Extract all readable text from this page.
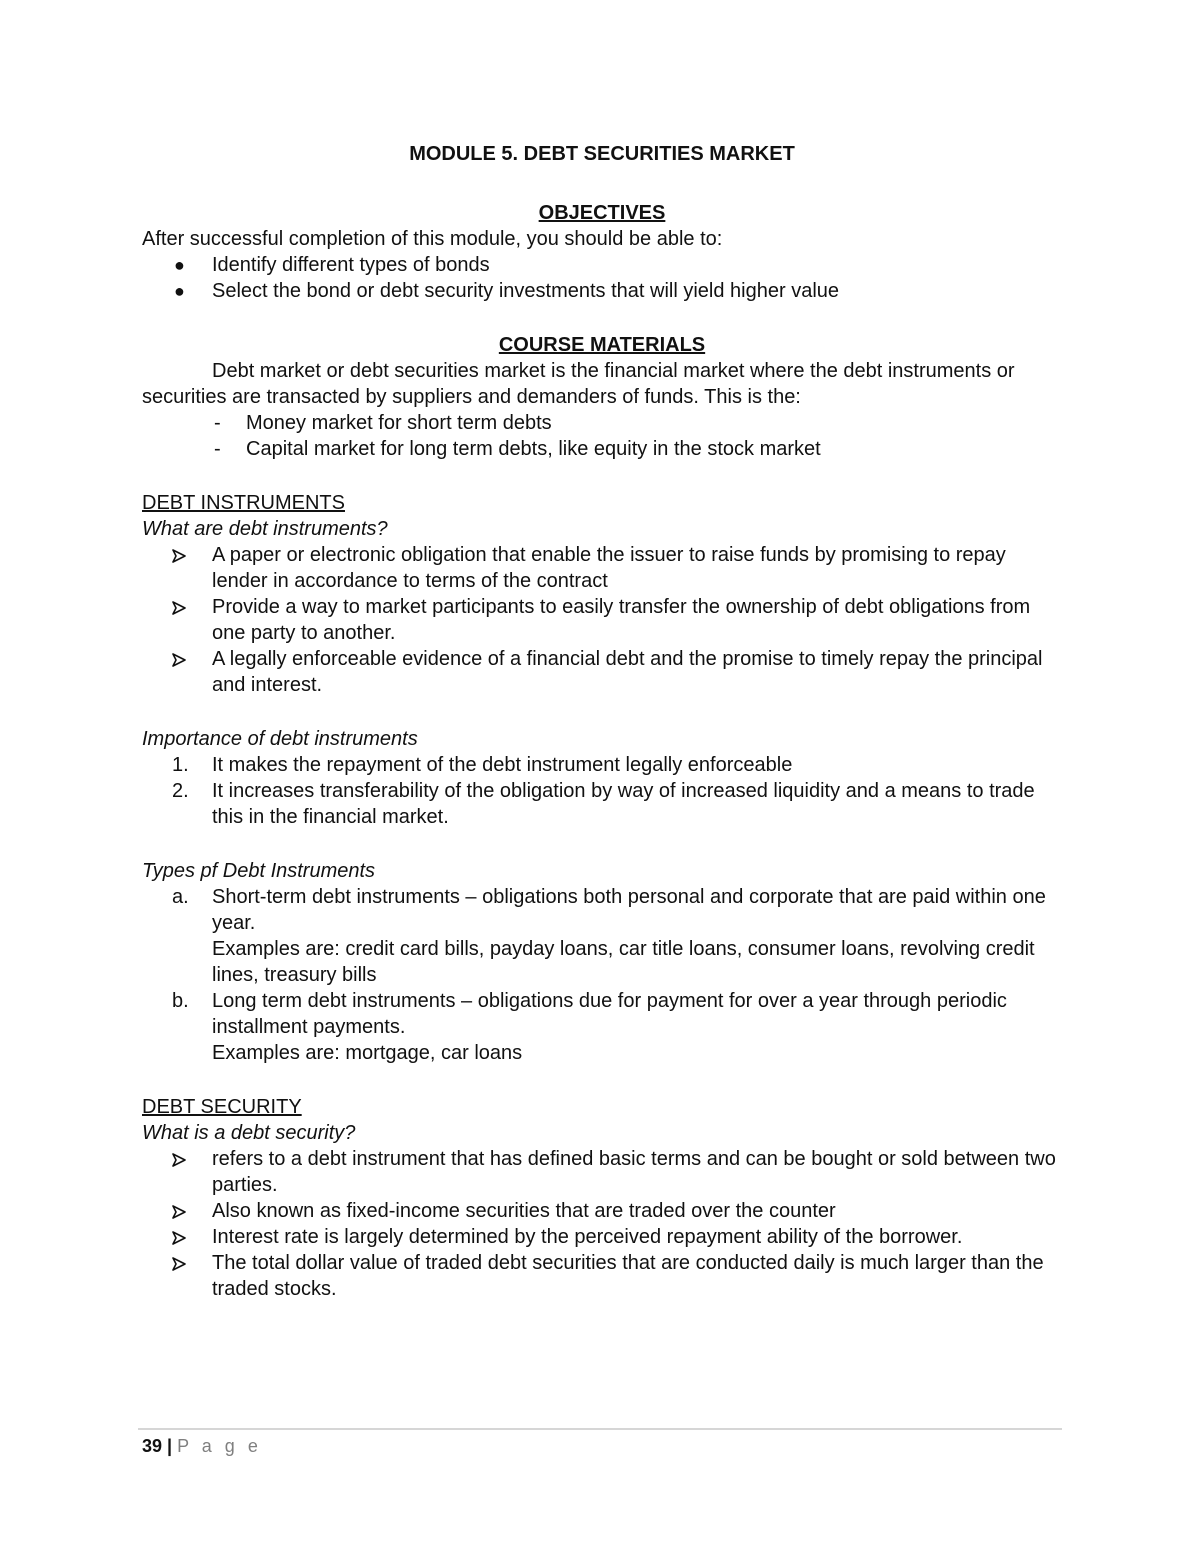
MODULE 5. DEBT SECURITIES MARKET

OBJECTIVES

After successful completion of this module, you should be able to:

●	Identify different types of bonds
●	Select the bond or debt security investments that will yield higher value

COURSE MATERIALS

Debt market or debt securities market is the financial market where the debt instruments or securities are transacted by suppliers and demanders of funds. This is the:

-	Money market for short term debts
-	Capital market for long term debts, like equity in the stock market

DEBT INSTRUMENTS

What are debt instruments?

A paper or electronic obligation that enable the issuer to raise funds by promising to repay lender in accordance to terms of the contract
Provide a way to market participants to easily transfer the ownership of debt obligations from one party to another.
A legally enforceable evidence of a financial debt and the promise to timely repay the principal and interest.

Importance of debt instruments

1.	It makes the repayment of the debt instrument legally enforceable
2.	It increases transferability of the obligation by way of increased liquidity and a means to trade this in the financial market.

Types pf Debt Instruments

a.	Short-term debt instruments – obligations both personal and corporate that are paid within one year.
Examples are: credit card bills, payday loans, car title loans, consumer loans, revolving credit lines, treasury bills
b.	Long term debt instruments – obligations due for payment for over a year through periodic installment payments.
Examples are: mortgage, car loans

DEBT SECURITY

What is a debt security?

refers to a debt instrument that has defined basic terms and can be bought or sold between two parties.
Also known as fixed-income securities that are traded over the counter
Interest rate is largely determined by the perceived repayment ability of the borrower.
The total dollar value of traded debt securities that are conducted daily is much larger than the traded stocks.
39 | P a g e
